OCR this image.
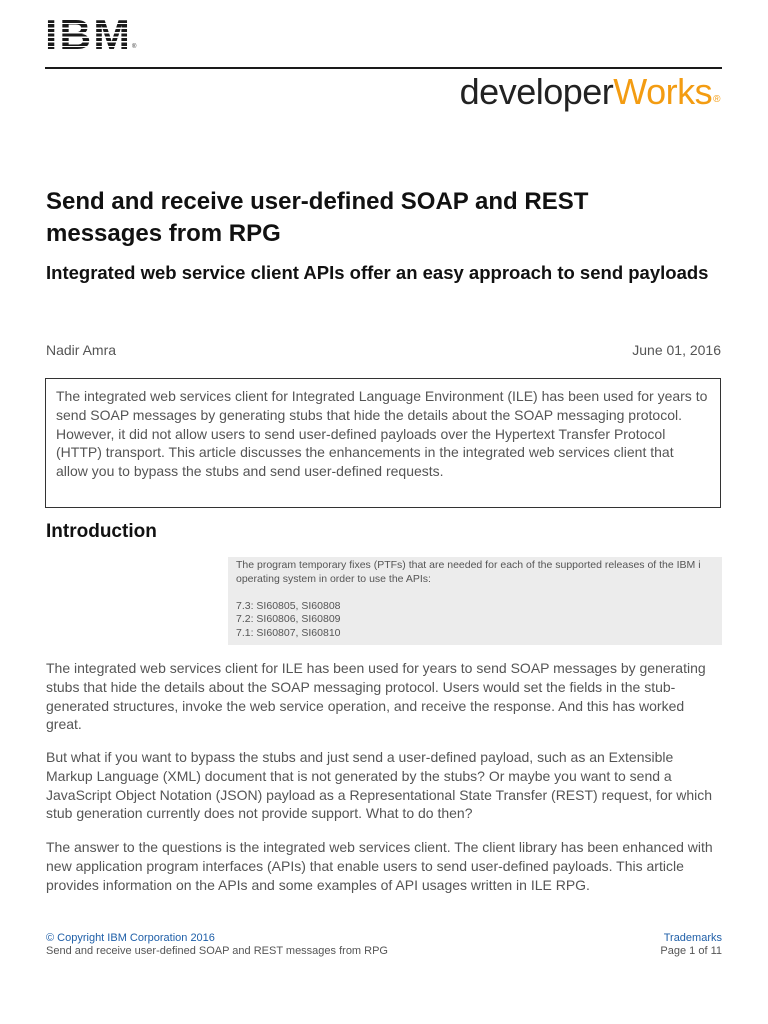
IBM ®
developerWorks®
Send and receive user-defined SOAP and REST messages from RPG
Integrated web service client APIs offer an easy approach to send payloads
Nadir Amra	June 01, 2016
The integrated web services client for Integrated Language Environment (ILE) has been used for years to send SOAP messages by generating stubs that hide the details about the SOAP messaging protocol. However, it did not allow users to send user-defined payloads over the Hypertext Transfer Protocol (HTTP) transport. This article discusses the enhancements in the integrated web services client that allow you to bypass the stubs and send user-defined requests.
Introduction
The program temporary fixes (PTFs) that are needed for each of the supported releases of the IBM i operating system in order to use the APIs:
7.3: SI60805, SI60808
7.2: SI60806, SI60809
7.1: SI60807, SI60810

The integrated web services client for ILE has been used for years to send SOAP messages by generating stubs that hide the details about the SOAP messaging protocol. Users would set the fields in the stub-generated structures, invoke the web service operation, and receive the response. And this has worked great.

But what if you want to bypass the stubs and just send a user-defined payload, such as an Extensible Markup Language (XML) document that is not generated by the stubs? Or maybe you want to send a JavaScript Object Notation (JSON) payload as a Representational State Transfer (REST) request, for which stub generation currently does not provide support. What to do then?

The answer to the questions is the integrated web services client. The client library has been enhanced with new application program interfaces (APIs) that enable users to send user-defined payloads. This article provides information on the APIs and some examples of API usages written in ILE RPG.

© Copyright IBM Corporation 2016
Send and receive user-defined SOAP and REST messages from RPG
Trademarks
Page 1 of 11
